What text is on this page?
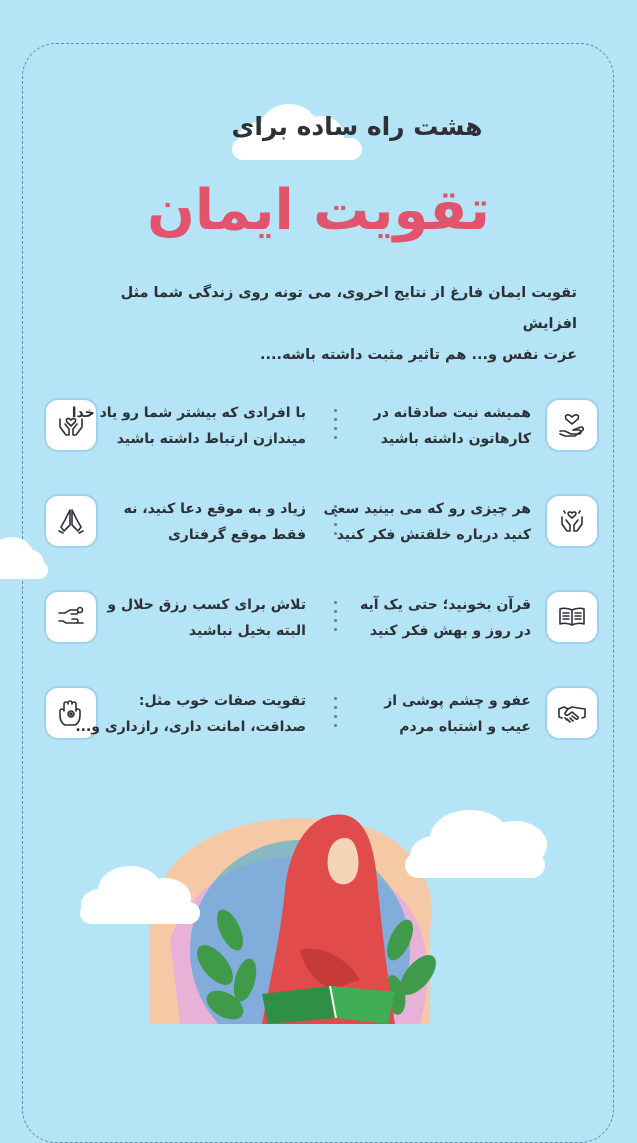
هشت راه ساده برای
تقویت ایمان

تقویت ایمان فارغ از نتایج اخروی، می تونه روی زندگی شما مثل افزایش

عزت نفس و... هم تاثیر مثبت داشته باشه....

همیشه نیت صادقانه در
کارهاتون داشته باشید
با افرادی که بیشتر شما رو یاد خدا
میندازن ارتباط داشته باشید
هر چیزی رو که می بینید سعی
کنید درباره خلقتش فکر کنید
زیاد و به موقع دعا کنید، نه
فقط موقع گرفتاری
قرآن بخونید؛ حتی یک آیه
در روز و بهش فکر کنید
تلاش برای کسب رزق حلال و
البته بخیل نباشید
عفو و چشم پوشی از
عیب و اشتباه مردم
تقویت صفات خوب مثل:
صداقت، امانت داری، رازداری و...
